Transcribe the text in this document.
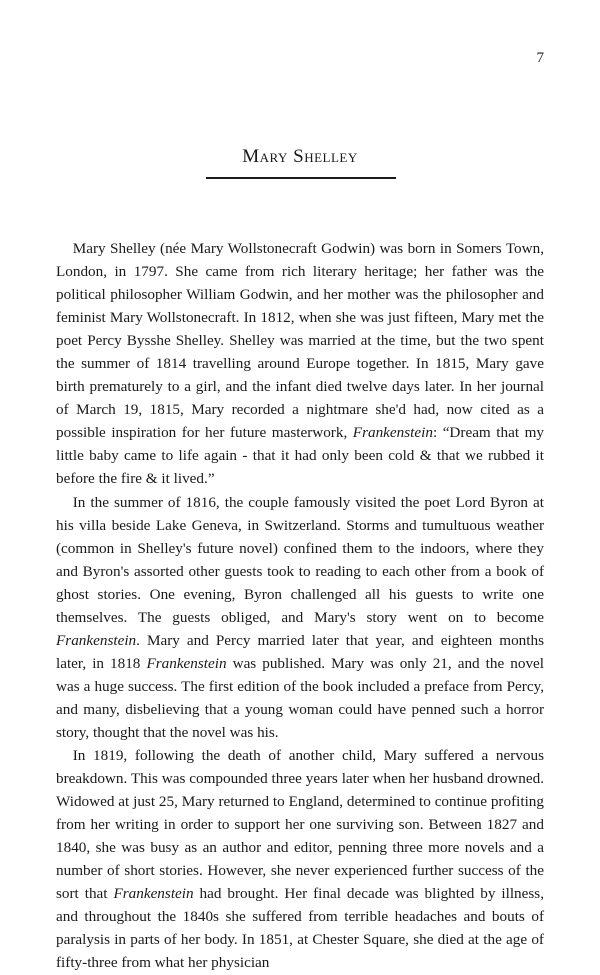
7
Mary Shelley

Mary Shelley (née Mary Wollstonecraft Godwin) was born in Somers Town, London, in 1797. She came from rich literary heritage; her father was the political philosopher William Godwin, and her mother was the philosopher and feminist Mary Wollstonecraft. In 1812, when she was just fifteen, Mary met the poet Percy Bysshe Shelley. Shelley was married at the time, but the two spent the summer of 1814 travelling around Europe together. In 1815, Mary gave birth prematurely to a girl, and the infant died twelve days later. In her journal of March 19, 1815, Mary recorded a nightmare she'd had, now cited as a possible inspiration for her future masterwork, Frankenstein: “Dream that my little baby came to life again - that it had only been cold & that we rubbed it before the fire & it lived.”

In the summer of 1816, the couple famously visited the poet Lord Byron at his villa beside Lake Geneva, in Switzerland. Storms and tumultuous weather (common in Shelley's future novel) confined them to the indoors, where they and Byron's assorted other guests took to reading to each other from a book of ghost stories. One evening, Byron challenged all his guests to write one themselves. The guests obliged, and Mary's story went on to become Frankenstein. Mary and Percy married later that year, and eighteen months later, in 1818 Frankenstein was published. Mary was only 21, and the novel was a huge success. The first edition of the book included a preface from Percy, and many, disbelieving that a young woman could have penned such a horror story, thought that the novel was his.

In 1819, following the death of another child, Mary suffered a nervous breakdown. This was compounded three years later when her husband drowned. Widowed at just 25, Mary returned to England, determined to continue profiting from her writing in order to support her one surviving son. Between 1827 and 1840, she was busy as an author and editor, penning three more novels and a number of short stories. However, she never experienced further success of the sort that Frankenstein had brought. Her final decade was blighted by illness, and throughout the 1840s she suffered from terrible headaches and bouts of paralysis in parts of her body. In 1851, at Chester Square, she died at the age of fifty-three from what her physician
